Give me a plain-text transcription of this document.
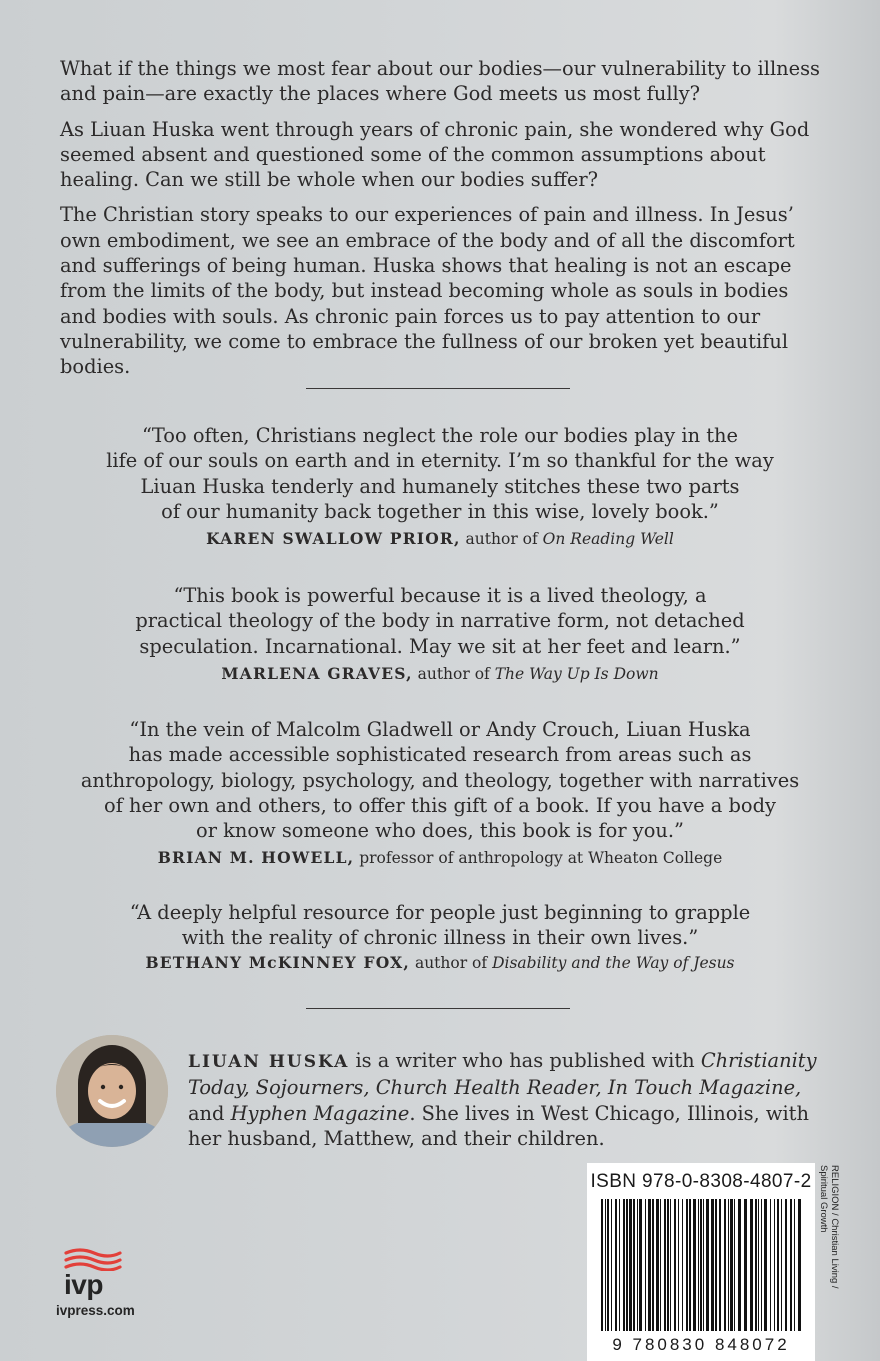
What if the things we most fear about our bodies—our vulnerability to illness and pain—are exactly the places where God meets us most fully?

As Liuan Huska went through years of chronic pain, she wondered why God seemed absent and questioned some of the common assumptions about healing. Can we still be whole when our bodies suffer?

The Christian story speaks to our experiences of pain and illness. In Jesus’ own embodiment, we see an embrace of the body and of all the discomfort and sufferings of being human. Huska shows that healing is not an escape from the limits of the body, but instead becoming whole as souls in bodies and bodies with souls. As chronic pain forces us to pay attention to our vulnerability, we come to embrace the fullness of our broken yet beautiful bodies.

“Too often, Christians neglect the role our bodies play in the
life of our souls on earth and in eternity. I’m so thankful for the way
Liuan Huska tenderly and humanely stitches these two parts
of our humanity back together in this wise, lovely book.”

KAREN SWALLOW PRIOR, author of On Reading Well

“This book is powerful because it is a lived theology, a
practical theology of the body in narrative form, not detached
speculation. Incarnational. May we sit at her feet and learn.”

MARLENA GRAVES, author of The Way Up Is Down

“In the vein of Malcolm Gladwell or Andy Crouch, Liuan Huska
has made accessible sophisticated research from areas such as
anthropology, biology, psychology, and theology, together with narratives
of her own and others, to offer this gift of a book. If you have a body
or know someone who does, this book is for you.”

BRIAN M. HOWELL, professor of anthropology at Wheaton College

“A deeply helpful resource for people just beginning to grapple
with the reality of chronic illness in their own lives.”

BETHANY McKINNEY FOX, author of Disability and the Way of Jesus

LIUAN HUSKA is a writer who has published with Christianity Today, Sojourners, Church Health Reader, In Touch Magazine, and Hyphen Magazine. She lives in West Chicago, Illinois, with her husband, Matthew, and their children.
ISBN 978-0-8308-4807-2
9 780830 848072
RELIGION / Christian Living /
Spiritual Growth
ivp
ivpress.com
